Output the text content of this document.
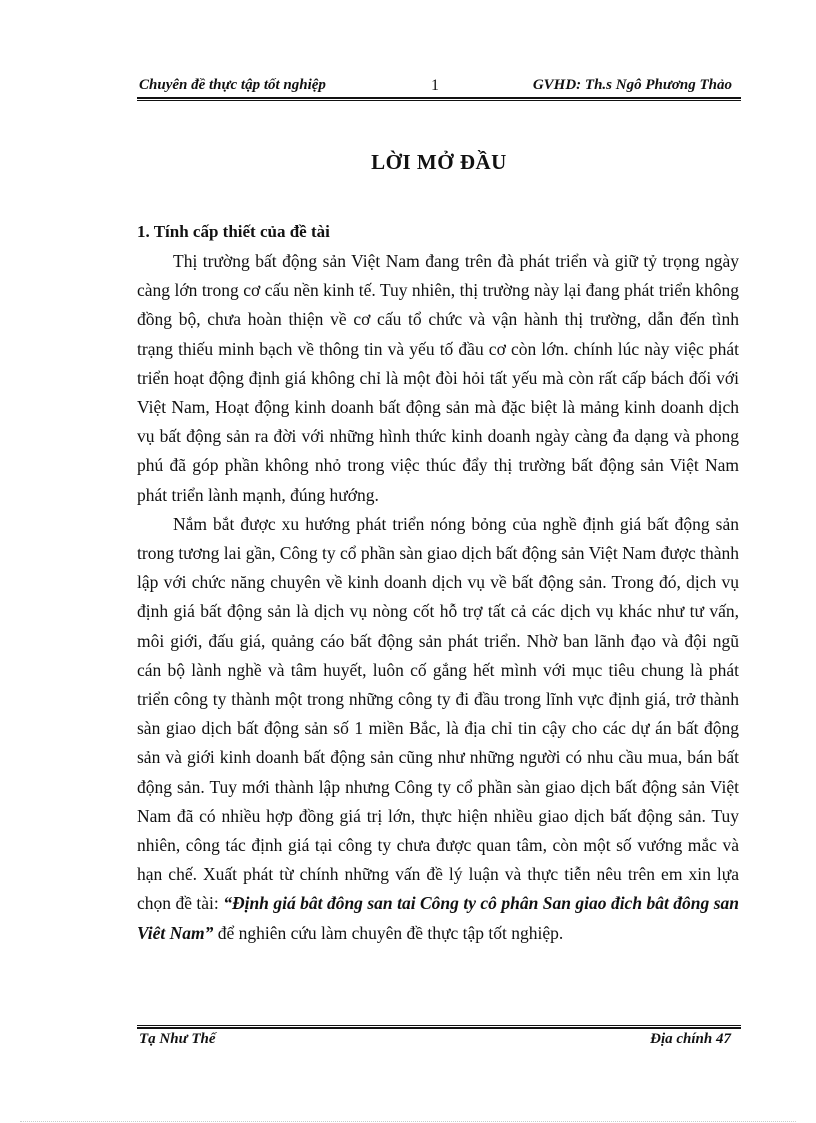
Chuyên đề thực tập tốt nghiệp	1	GVHD: Th.s Ngô Phương Thảo
LỜI MỞ ĐẦU
1. Tính cấp thiết của đề tài

Thị trường bất động sản Việt Nam đang trên đà phát triển và giữ tỷ trọng ngày càng lớn trong cơ cấu nền kinh tế. Tuy nhiên, thị trường này lại đang phát triển không đồng bộ, chưa hoàn thiện về cơ cấu tổ chức và vận hành thị trường, dẫn đến tình trạng thiếu minh bạch về thông tin và yếu tố đầu cơ còn lớn. chính lúc này việc phát triển hoạt động định giá không chỉ là một đòi hỏi tất yếu mà còn rất cấp bách đối với Việt Nam, Hoạt động kinh doanh bất động sản mà đặc biệt là mảng kinh doanh dịch vụ bất động sản ra đời với những hình thức kinh doanh ngày càng đa dạng và phong phú đã góp phần không nhỏ trong việc thúc đẩy thị trường bất động sản Việt Nam phát triển lành mạnh, đúng hướng.

Nắm bắt được xu hướng phát triển nóng bỏng của nghề định giá bất động sản trong tương lai gần, Công ty cổ phần sàn giao dịch bất động sản Việt Nam được thành lập với chức năng chuyên về kinh doanh dịch vụ về bất động sản. Trong đó, dịch vụ định giá bất động sản là dịch vụ nòng cốt hỗ trợ tất cả các dịch vụ khác như tư vấn, môi giới, đấu giá, quảng cáo bất động sản phát triển. Nhờ ban lãnh đạo và đội ngũ cán bộ lành nghề và tâm huyết, luôn cố gắng hết mình với mục tiêu chung là phát triển công ty thành một trong những công ty đi đầu trong lĩnh vực định giá, trở thành sàn giao dịch bất động sản số 1 miền Bắc, là địa chỉ tin cậy cho các dự án bất động sản và giới kinh doanh bất động sản cũng như những người có nhu cầu mua, bán bất động sản. Tuy mới thành lập nhưng Công ty cổ phần sàn giao dịch bất động sản Việt Nam đã có nhiều hợp đồng giá trị lớn, thực hiện nhiều giao dịch bất động sản. Tuy nhiên, công tác định giá tại công ty chưa được quan tâm, còn một số vướng mắc và hạn chế. Xuất phát từ chính những vấn đề lý luận và thực tiễn nêu trên em xin lựa chọn đề tài: “Định giá bât đông san tai Công ty cô phân San giao đich bât đông san Viêt Nam” để nghiên cứu làm chuyên đề thực tập tốt nghiệp.

Tạ Như Thế	Địa chính 47
